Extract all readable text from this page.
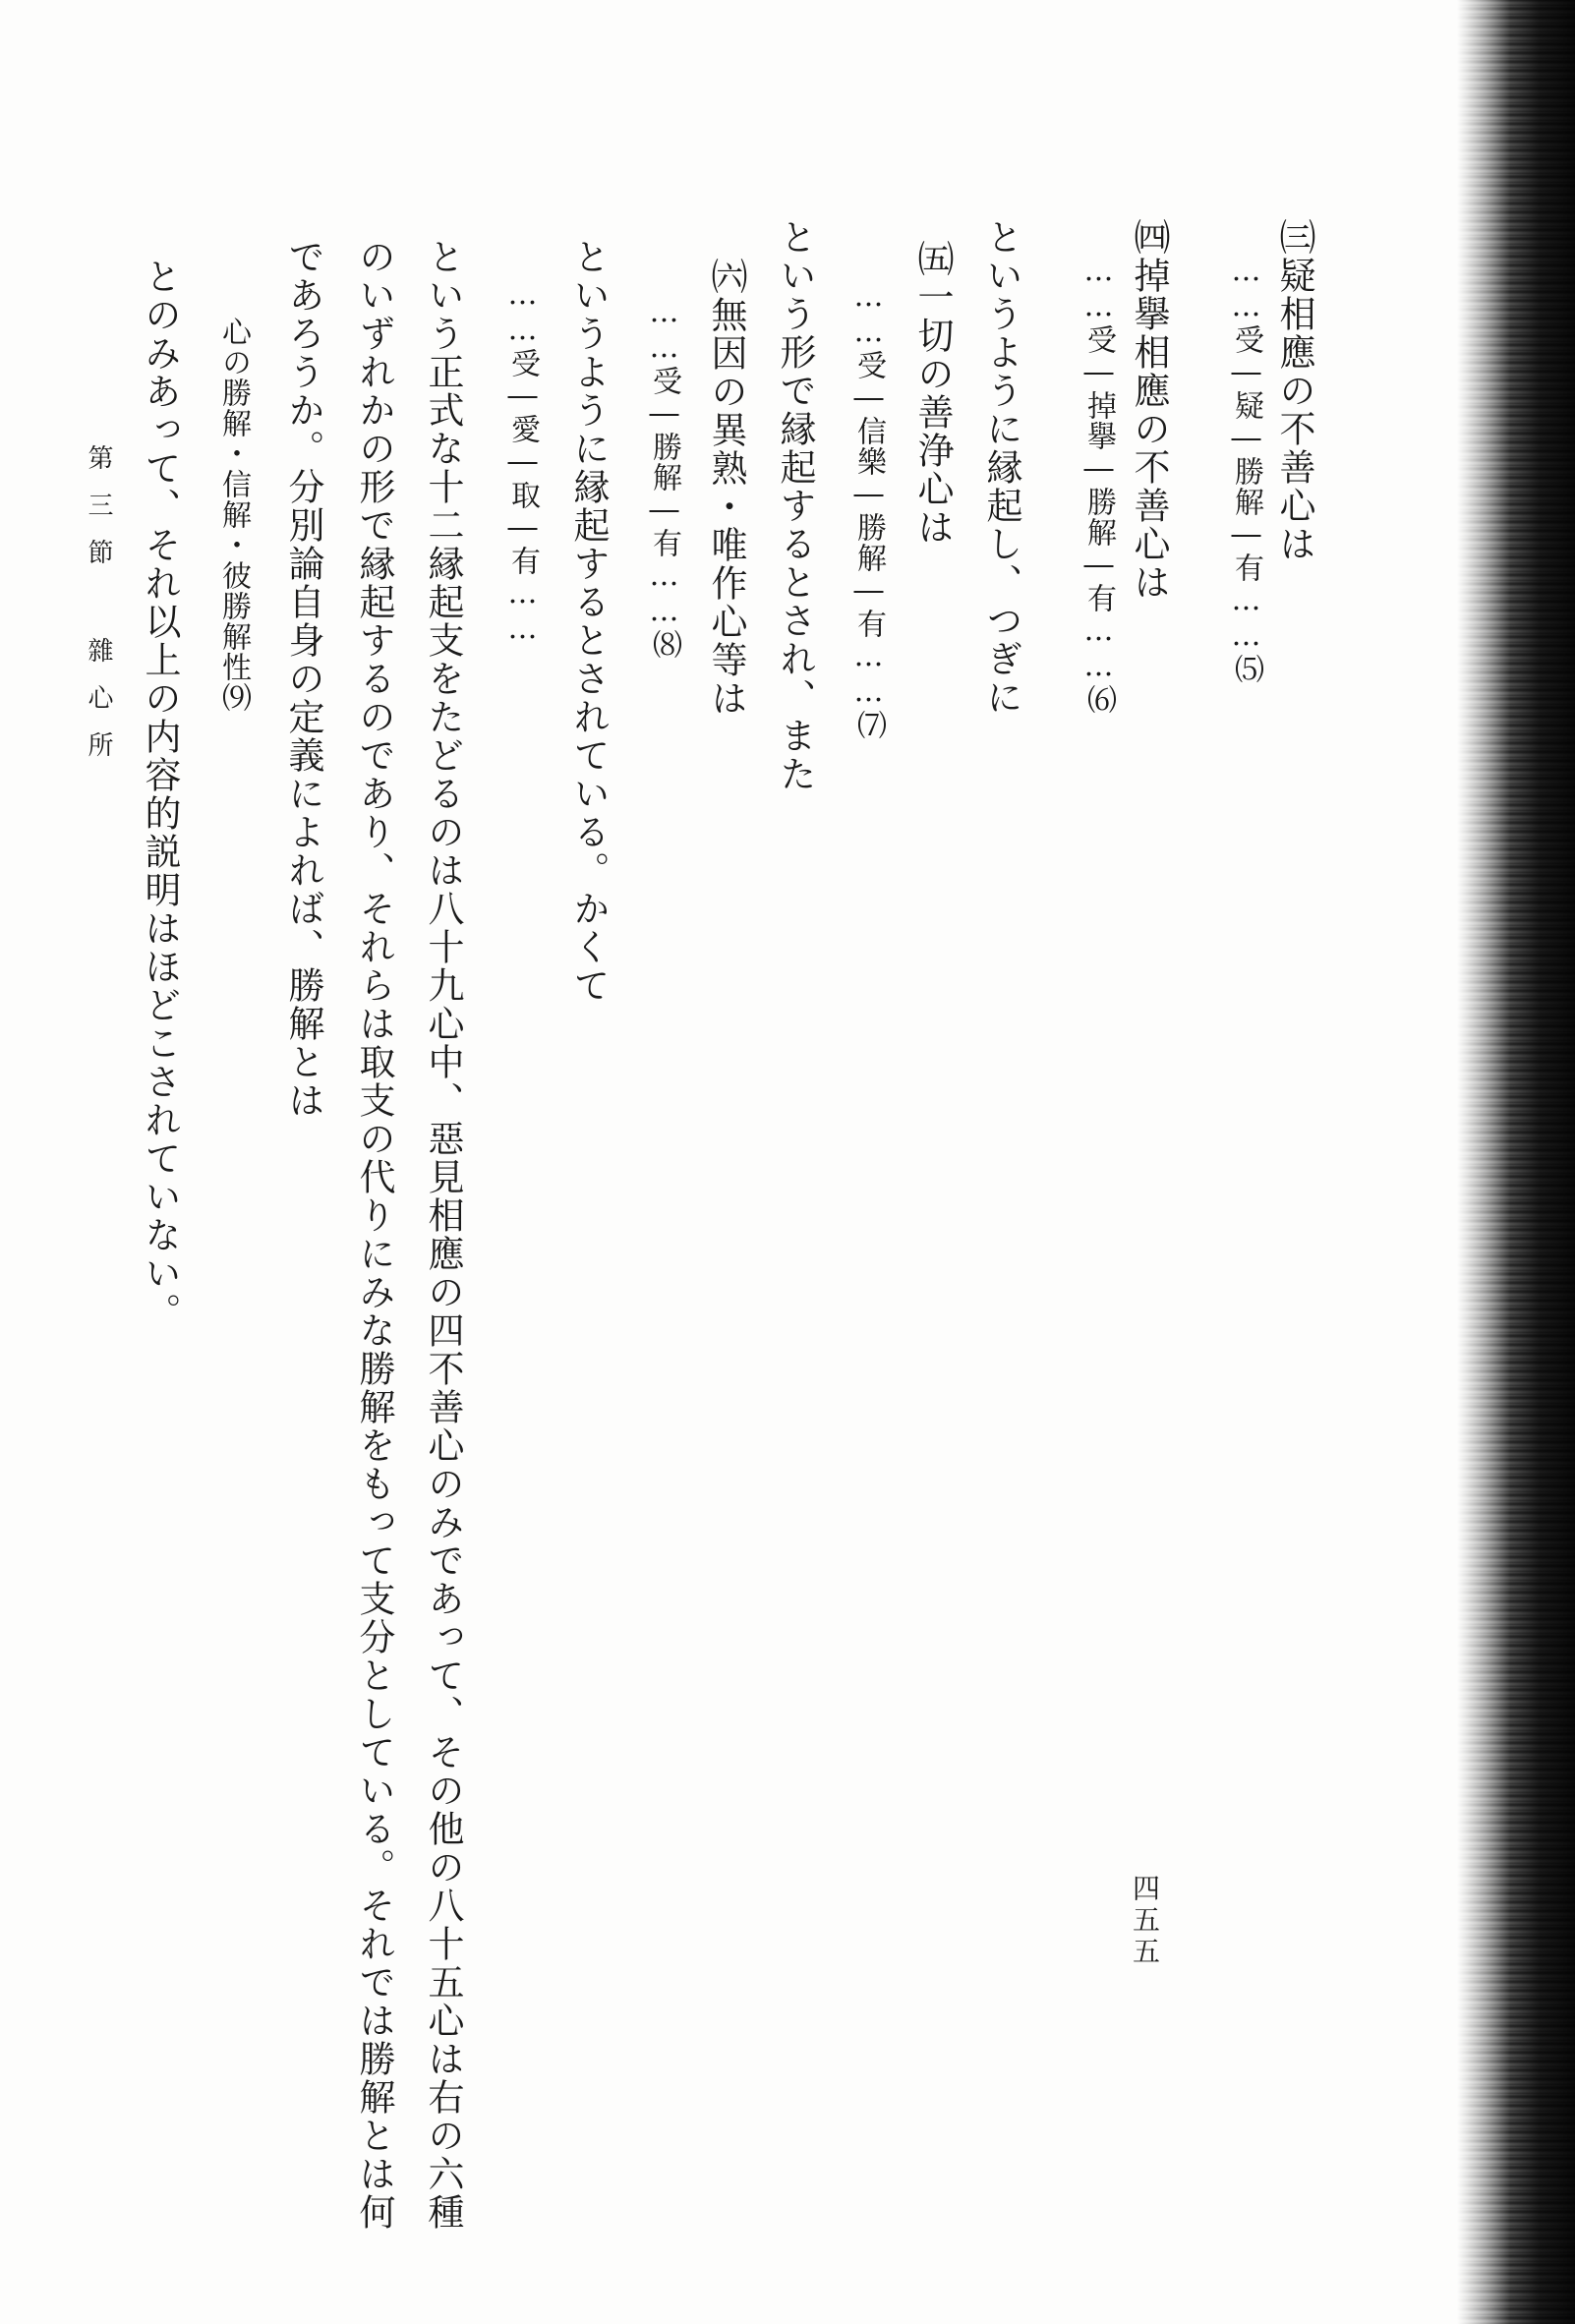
㈢疑相應の不善心は
……受―疑―勝解―有……⑸
㈣掉擧相應の不善心は
……受―掉擧―勝解―有……⑹
というように縁起し、つぎに
㈤一切の善浄心は
……受―信樂―勝解―有……⑺
という形で縁起するとされ、また
㈥無因の異熟・唯作心等は
……受―勝解―有……⑻
というように縁起するとされている。かくて
……受―愛―取―有……
という正式な十二縁起支をたどるのは八十九心中、惡見相應の四不善心のみであって、その他の八十五心は右の六種
のいずれかの形で縁起するのであり、それらは取支の代りにみな勝解をもって支分としている。それでは勝解とは何
であろうか。分別論自身の定義によれば、勝解とは
心の勝解・信解・彼勝解性⑼
とのみあって、それ以上の内容的説明はほどこされていない。
第三節 雜心所
四五五
